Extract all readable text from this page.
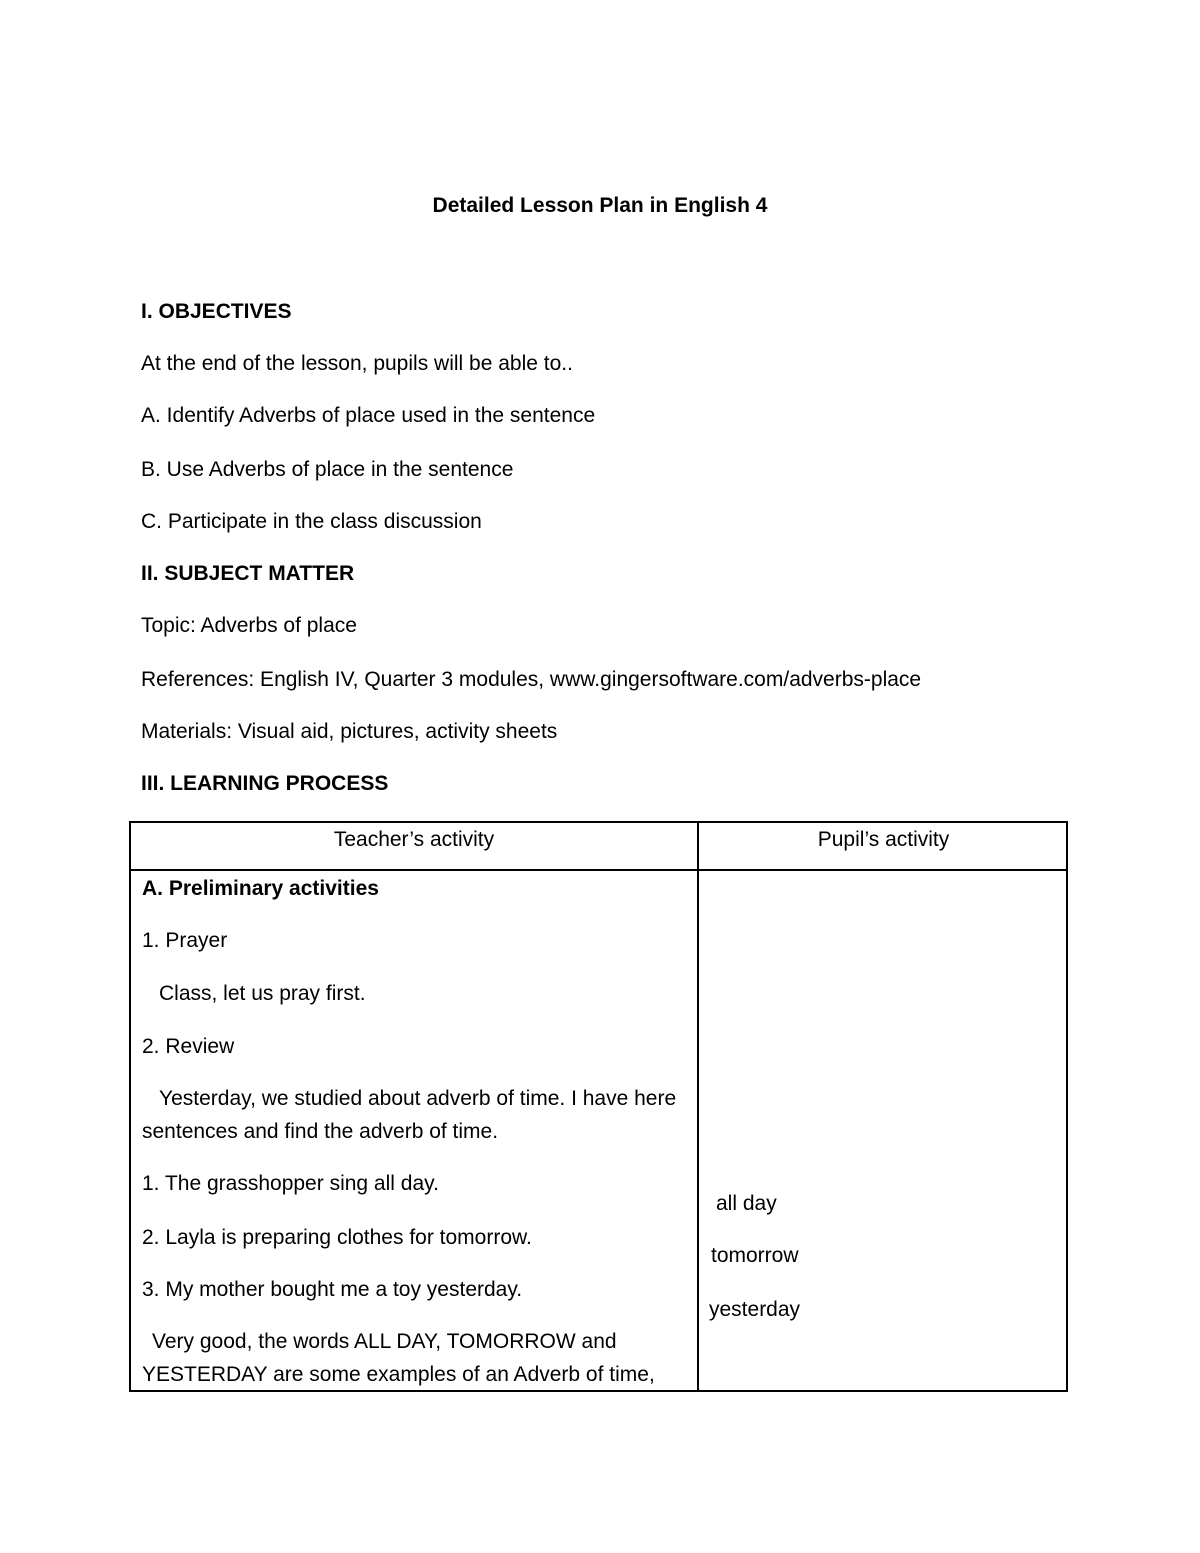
Detailed Lesson Plan in English 4
I. OBJECTIVES
At the end of the lesson, pupils will be able to..
A. Identify Adverbs of place used in the sentence
B. Use Adverbs of place in the sentence
C. Participate in the class discussion
II. SUBJECT MATTER
Topic: Adverbs of place
References: English IV, Quarter 3 modules, www.gingersoftware.com/adverbs-place
Materials: Visual aid, pictures, activity sheets
III. LEARNING PROCESS
Teacher’s activity	Pupil’s activity
A. Preliminary activities
1. Prayer
Class, let us pray first.
2. Review
Yesterday, we studied about adverb of time. I have here
sentences and find the adverb of time.
1. The grasshopper sing all day.
2. Layla is preparing clothes for tomorrow.
3. My mother bought me a toy yesterday.
Very good, the words ALL DAY, TOMORROW and
YESTERDAY are some examples of an Adverb of time,
all day
tomorrow
yesterday
